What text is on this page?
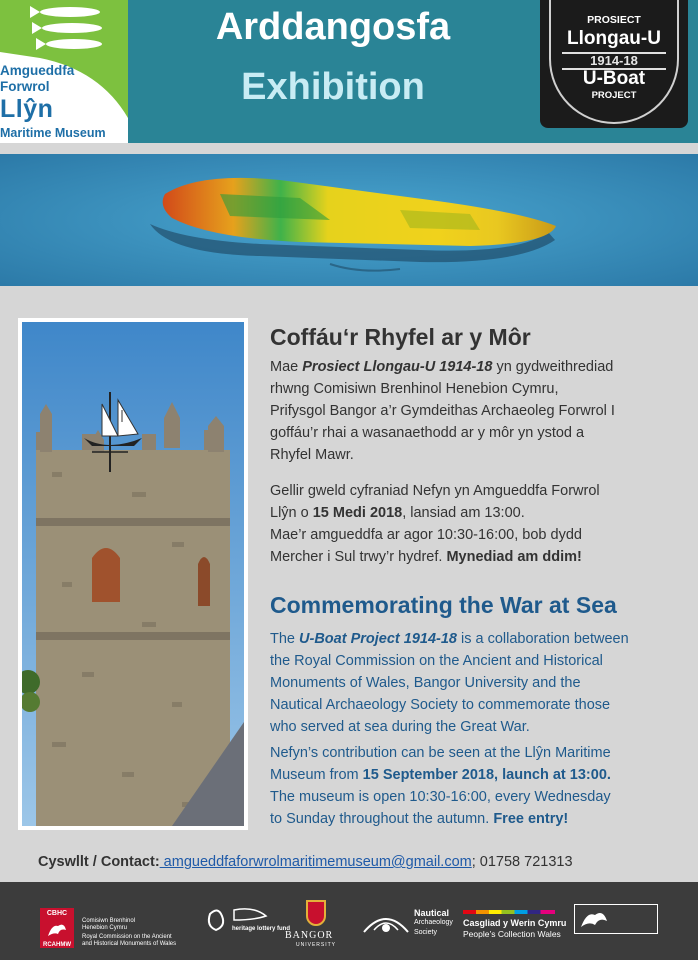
Amgueddfa
Forwrol
Llŷn
Maritime Museum
Arddangosfa
Exhibition
PROSIECT
Llongau-U
1914-18
U-Boat
PROJECT
Coffáu‘r Rhyfel ar y Môr
Mae Prosiect Llongau-U 1914-18 yn gydweithrediad
rhwng Comisiwn Brenhinol Henebion Cymru,
Prifysgol Bangor a’r Gymdeithas Archaeoleg Forwrol I
goffáu’r rhai a wasanaethodd ar y môr yn ystod a
Rhyfel Mawr.
Gellir gweld cyfraniad Nefyn yn Amgueddfa Forwrol
Llŷn o 15 Medi 2018, lansiad am 13:00.
Mae’r amgueddfa ar agor 10:30-16:00, bob dydd
Mercher i Sul trwy’r hydref. Mynediad am ddim!
Commemorating the War at Sea
The U-Boat Project 1914-18 is a collaboration between
the Royal Commission on the Ancient and Historical
Monuments of Wales, Bangor University and the
Nautical Archaeology Society to commemorate those
who served at sea during the Great War.
Nefyn’s contribution can be seen at the Llŷn Maritime
Museum from 15 September 2018, launch at 13:00.
The museum is open 10:30-16:00, every Wednesday
to Sunday throughout the autumn. Free entry!
Cyswllt / Contact: amgueddfaforwrolmaritimemuseum@gmail.com; 01758 721313
CBHC
RCAHMW
Comisiwn Brenhinol
Henebion Cymru
Royal Commission on the Ancient
and Historical Monuments of Wales
heritage lottery fund
BANGOR
UNIVERSITY
Nautical
Archaeology
Society
Casgliad y Werin Cymru
People’s Collection Wales
